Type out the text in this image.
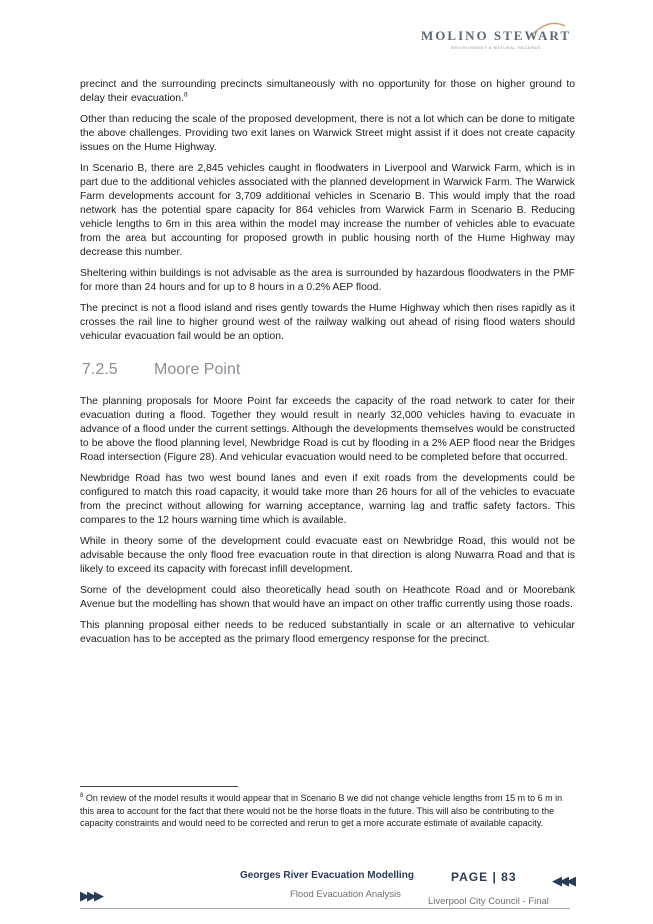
MOLINO STEWART
ENVIRONMENT & NATURAL HAZARDS

precinct and the surrounding precincts simultaneously with no opportunity for those on higher ground to delay their evacuation.$^8$

Other than reducing the scale of the proposed development, there is not a lot which can be done to mitigate the above challenges. Providing two exit lanes on Warwick Street might assist if it does not create capacity issues on the Hume Highway.

In Scenario B, there are 2,845 vehicles caught in floodwaters in Liverpool and Warwick Farm, which is in part due to the additional vehicles associated with the planned development in Warwick Farm. The Warwick Farm developments account for 3,709 additional vehicles in Scenario B. This would imply that the road network has the potential spare capacity for 864 vehicles from Warwick Farm in Scenario B. Reducing vehicle lengths to 6m in this area within the model may increase the number of vehicles able to evacuate from the area but accounting for proposed growth in public housing north of the Hume Highway may decrease this number.

Sheltering within buildings is not advisable as the area is surrounded by hazardous floodwaters in the PMF for more than 24 hours and for up to 8 hours in a 0.2% AEP flood.

The precinct is not a flood island and rises gently towards the Hume Highway which then rises rapidly as it crosses the rail line to higher ground west of the railway walking out ahead of rising flood waters should vehicular evacuation fail would be an option.

7.2.5 Moore Point

The planning proposals for Moore Point far exceeds the capacity of the road network to cater for their evacuation during a flood. Together they would result in nearly 32,000 vehicles having to evacuate in advance of a flood under the current settings. Although the developments themselves would be constructed to be above the flood planning level, Newbridge Road is cut by flooding in a 2% AEP flood near the Bridges Road intersection (Figure 28). And vehicular evacuation would need to be completed before that occurred.

Newbridge Road has two west bound lanes and even if exit roads from the developments could be configured to match this road capacity, it would take more than 26 hours for all of the vehicles to evacuate from the precinct without allowing for warning acceptance, warning lag and traffic safety factors. This compares to the 12 hours warning time which is available.

While in theory some of the development could evacuate east on Newbridge Road, this would not be advisable because the only flood free evacuation route in that direction is along Nuwarra Road and that is likely to exceed its capacity with forecast infill development.

Some of the development could also theoretically head south on Heathcote Road and or Moorebank Avenue but the modelling has shown that would have an impact on other traffic currently using those roads.

This planning proposal either needs to be reduced substantially in scale or an alternative to vehicular evacuation has to be accepted as the primary flood emergency response for the precinct.

$^8$ On review of the model results it would appear that in Scenario B we did not change vehicle lengths from 15 m to 6 m in this area to account for the fact that there would not be the horse floats in the future. This will also be contributing to the capacity constraints and would need to be corrected and rerun to get a more accurate estimate of available capacity.
Georges River Evacuation Modelling	PAGE | 83	◀◀◀
▶▶▶	Flood Evacuation Analysis
Liverpool City Council - Final
